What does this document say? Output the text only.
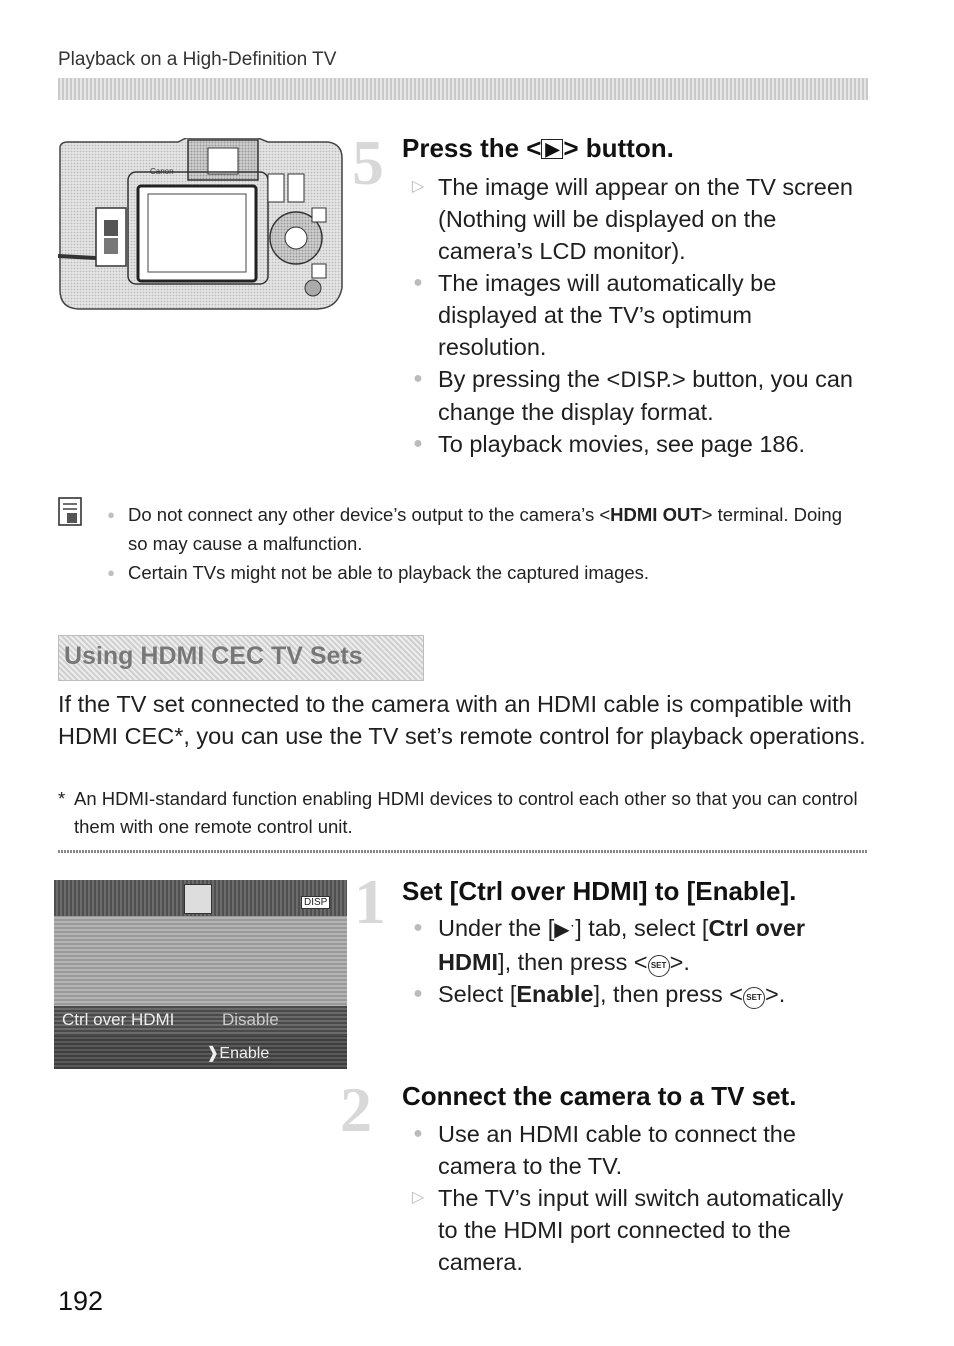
Playback on a High-Definition TV
Canon	5 Press the < ▶ > button.
▷ The image will appear on the TV screen (Nothing will be displayed on the camera’s LCD monitor).
● The images will automatically be displayed at the TV’s optimum resolution.
● By pressing the <DISP.> button, you can change the display format.
● To playback movies, see page 186.
● Do not connect any other device’s output to the camera’s <HDMI OUT> terminal. Doing so may cause a malfunction.
● Certain TVs might not be able to playback the captured images.
Using HDMI CEC TV Sets
If the TV set connected to the camera with an HDMI cable is compatible with HDMI CEC*, you can use the TV set’s remote control for playback operations.
* An HDMI-standard function enabling HDMI devices to control each other so that you can control them with one remote control unit.
DISP
Ctrl over HDMI	Disable
❱Enable
1 Set [Ctrl over HDMI] to [Enable].
● Under the [▶ˑ] tab, select [Ctrl over HDMI], then press < SET >.
● Select [Enable], then press < SET >.
2 Connect the camera to a TV set.
● Use an HDMI cable to connect the camera to the TV.
▷ The TV’s input will switch automatically to the HDMI port connected to the camera.
192
